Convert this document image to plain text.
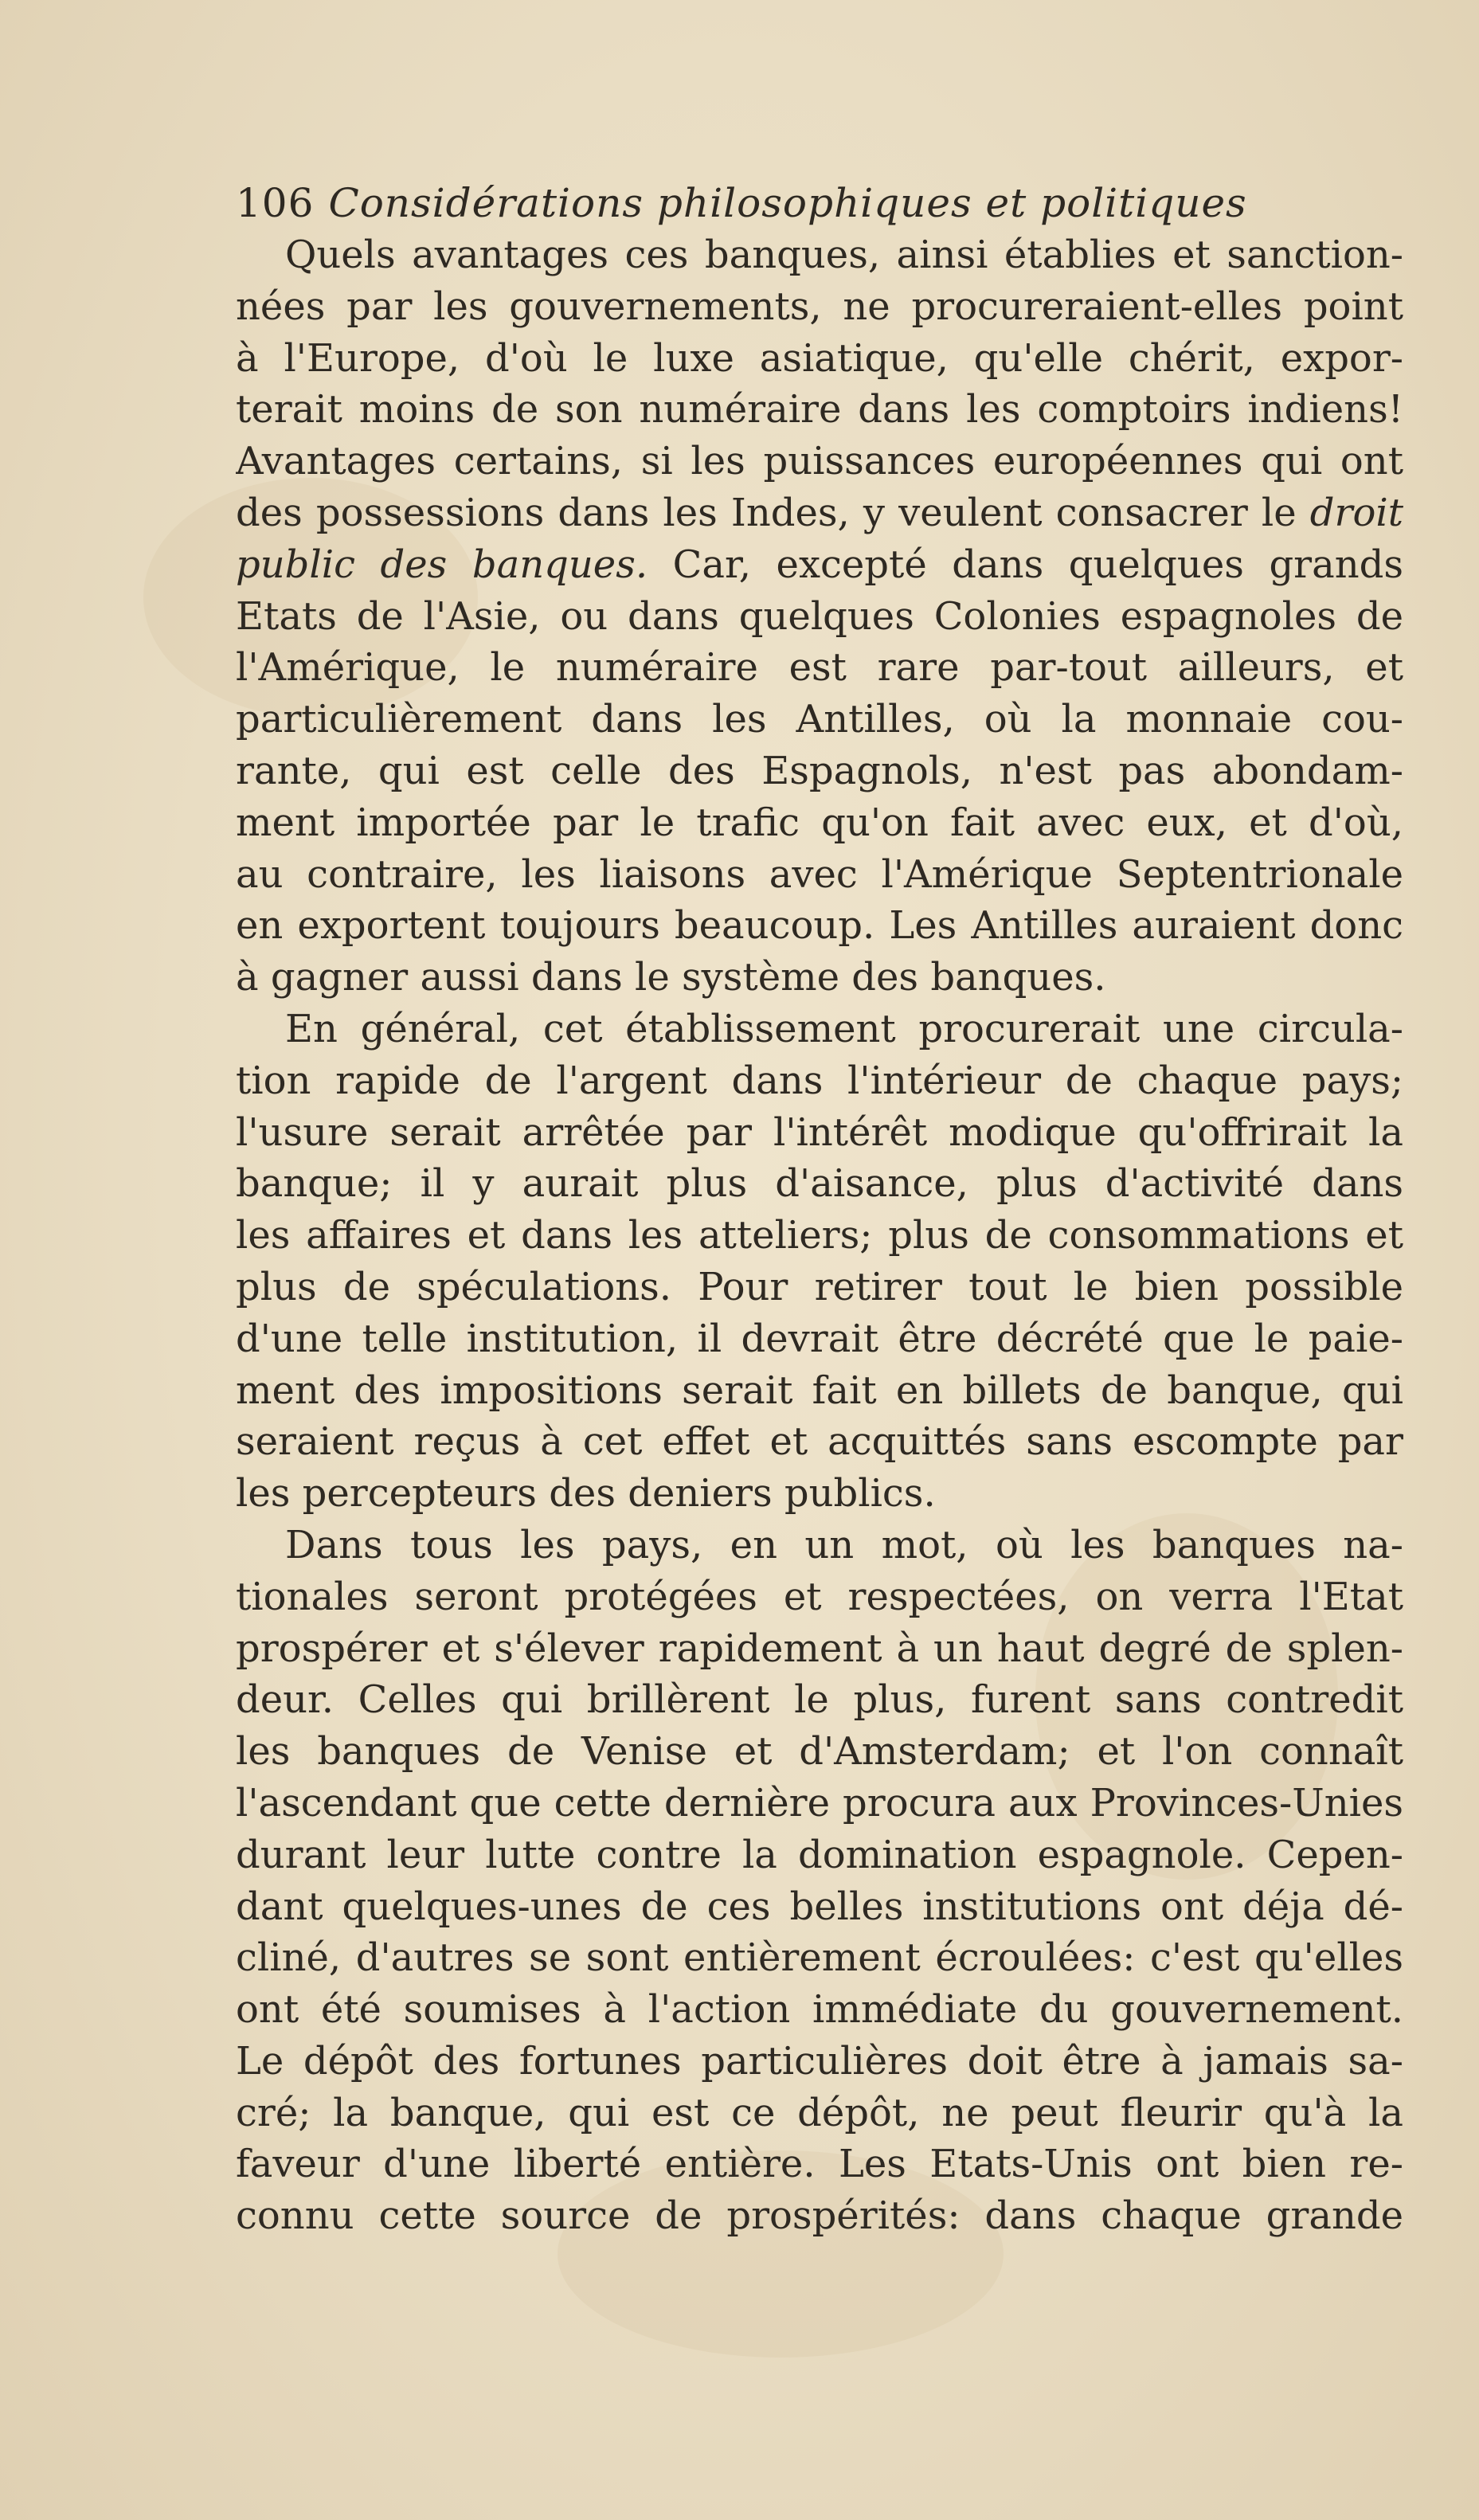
106 Considérations philosophiques et politiques
Quels avantages ces banques, ainsi établies et sanction-
nées par les gouvernements, ne procureraient-elles point
à l'Europe, d'où le luxe asiatique, qu'elle chérit, expor-
terait moins de son numéraire dans les comptoirs indiens!
Avantages certains, si les puissances européennes qui ont
des possessions dans les Indes, y veulent consacrer le droit
public des banques. Car, excepté dans quelques grands
Etats de l'Asie, ou dans quelques Colonies espagnoles de
l'Amérique, le numéraire est rare par-tout ailleurs, et
particulièrement dans les Antilles, où la monnaie cou-
rante, qui est celle des Espagnols, n'est pas abondam-
ment importée par le trafic qu'on fait avec eux, et d'où,
au contraire, les liaisons avec l'Amérique Septentrionale
en exportent toujours beaucoup. Les Antilles auraient donc
à gagner aussi dans le système des banques.
En général, cet établissement procurerait une circula-
tion rapide de l'argent dans l'intérieur de chaque pays;
l'usure serait arrêtée par l'intérêt modique qu'offrirait la
banque; il y aurait plus d'aisance, plus d'activité dans
les affaires et dans les atteliers; plus de consommations et
plus de spéculations. Pour retirer tout le bien possible
d'une telle institution, il devrait être décrété que le paie-
ment des impositions serait fait en billets de banque, qui
seraient reçus à cet effet et acquittés sans escompte par
les percepteurs des deniers publics.
Dans tous les pays, en un mot, où les banques na-
tionales seront protégées et respectées, on verra l'Etat
prospérer et s'élever rapidement à un haut degré de splen-
deur. Celles qui brillèrent le plus, furent sans contredit
les banques de Venise et d'Amsterdam; et l'on connaît
l'ascendant que cette dernière procura aux Provinces-Unies
durant leur lutte contre la domination espagnole. Cepen-
dant quelques-unes de ces belles institutions ont déja dé-
cliné, d'autres se sont entièrement écroulées: c'est qu'elles
ont été soumises à l'action immédiate du gouvernement.
Le dépôt des fortunes particulières doit être à jamais sa-
cré; la banque, qui est ce dépôt, ne peut fleurir qu'à la
faveur d'une liberté entière. Les Etats-Unis ont bien re-
connu cette source de prospérités: dans chaque grande
